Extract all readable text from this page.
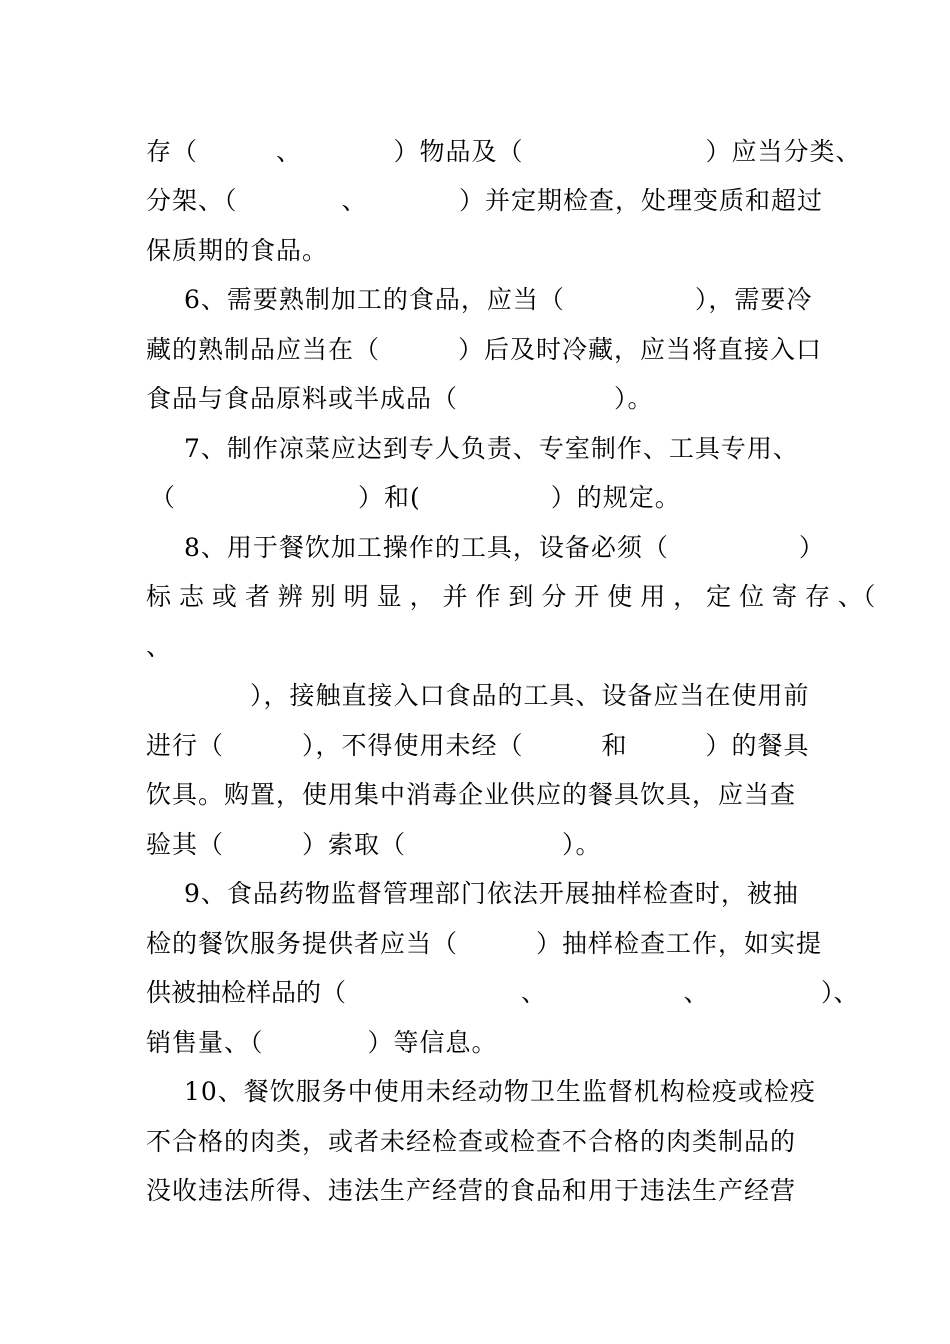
存（　　　、　　　　）物品及（　　　　　　　）应当分类、
分架、（　　　　、　　　　）并定期检查，处理变质和超过
保质期的食品。
6、需要熟制加工的食品，应当（　　　　　），需要冷
藏的熟制品应当在（　　　）后及时冷藏，应当将直接入口
食品与食品原料或半成品（　　　　　　）。
7、制作凉菜应达到专人负责、专室制作、工具专用、
（　　　　　　　）和(　　　　　）的规定。
8、用于餐饮加工操作的工具，设备必须（　　　　　）
标 志 或 者 辨 别 明 显 ， 并 作 到 分 开 使 用 ， 定 位 寄 存 、（
、
　　　　），接触直接入口食品的工具、设备应当在使用前
进行（　　　），不得使用未经（　　　和　　　）的餐具
饮具。购置，使用集中消毒企业供应的餐具饮具，应当查
验其（　　　）索取（　　　　　　）。
9、食品药物监督管理部门依法开展抽样检查时，被抽
检的餐饮服务提供者应当（　　　）抽样检查工作，如实提
供被抽检样品的（　　　　　　　、　　　　　　、　　　　　）、
销售量、（　　　　）等信息。
10、餐饮服务中使用未经动物卫生监督机构检疫或检疫
不合格的肉类，或者未经检查或检查不合格的肉类制品的
没收违法所得、违法生产经营的食品和用于违法生产经营
